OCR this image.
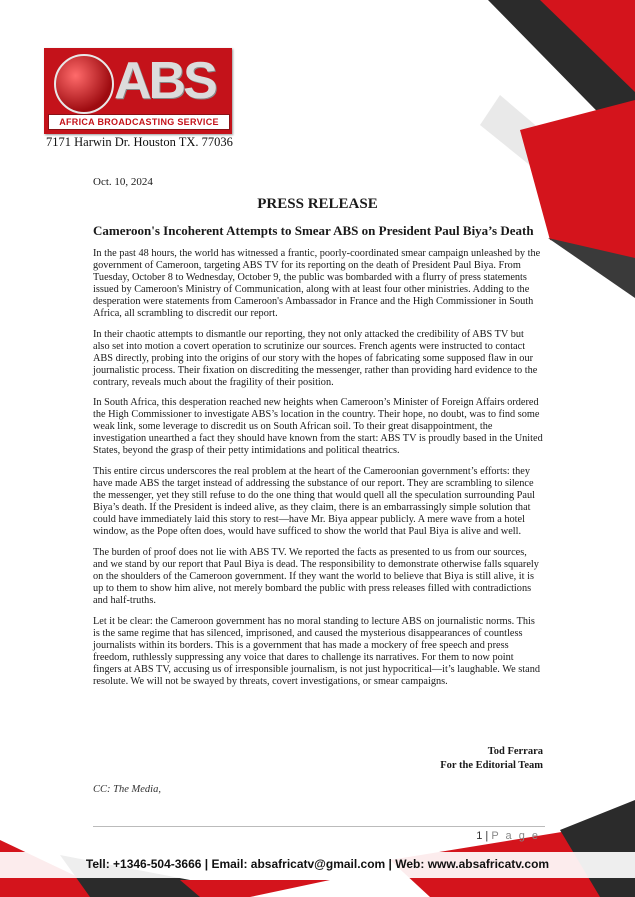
ABS
AFRICA BROADCASTING SERVICE
7171 Harwin Dr. Houston TX. 77036
Oct. 10, 2024
PRESS RELEASE
Cameroon's Incoherent Attempts to Smear ABS on President Paul Biya’s Death

In the past 48 hours, the world has witnessed a frantic, poorly-coordinated smear campaign unleashed by the government of Cameroon, targeting ABS TV for its reporting on the death of President Paul Biya. From Tuesday, October 8 to Wednesday, October 9, the public was bombarded with a flurry of press statements issued by Cameroon's Ministry of Communication, along with at least four other ministries. Adding to the desperation were statements from Cameroon's Ambassador in France and the High Commissioner in South Africa, all scrambling to discredit our report.

In their chaotic attempts to dismantle our reporting, they not only attacked the credibility of ABS TV but also set into motion a covert operation to scrutinize our sources. French agents were instructed to contact ABS directly, probing into the origins of our story with the hopes of fabricating some supposed flaw in our journalistic process. Their fixation on discrediting the messenger, rather than providing hard evidence to the contrary, reveals much about the fragility of their position.

In South Africa, this desperation reached new heights when Cameroon’s Minister of Foreign Affairs ordered the High Commissioner to investigate ABS’s location in the country. Their hope, no doubt, was to find some weak link, some leverage to discredit us on South African soil. To their great disappointment, the investigation unearthed a fact they should have known from the start: ABS TV is proudly based in the United States, beyond the grasp of their petty intimidations and political theatrics.

This entire circus underscores the real problem at the heart of the Cameroonian government’s efforts: they have made ABS the target instead of addressing the substance of our report. They are scrambling to silence the messenger, yet they still refuse to do the one thing that would quell all the speculation surrounding Paul Biya’s death. If the President is indeed alive, as they claim, there is an embarrassingly simple solution that could have immediately laid this story to rest—have Mr. Biya appear publicly. A mere wave from a hotel window, as the Pope often does, would have sufficed to show the world that Paul Biya is alive and well.

The burden of proof does not lie with ABS TV. We reported the facts as presented to us from our sources, and we stand by our report that Paul Biya is dead. The responsibility to demonstrate otherwise falls squarely on the shoulders of the Cameroon government. If they want the world to believe that Biya is still alive, it is up to them to show him alive, not merely bombard the public with press releases filled with contradictions and half-truths.

Let it be clear: the Cameroon government has no moral standing to lecture ABS on journalistic norms. This is the same regime that has silenced, imprisoned, and caused the mysterious disappearances of countless journalists within its borders. This is a government that has made a mockery of free speech and press freedom, ruthlessly suppressing any voice that dares to challenge its narratives. For them to now point fingers at ABS TV, accusing us of irresponsible journalism, is not just hypocritical—it’s laughable. We stand resolute. We will not be swayed by threats, covert investigations, or smear campaigns.

Tod Ferrara
For the Editorial Team
CC: The Media,
1 | P a g e
Tell: +1346-504-3666 | Email: absafricatv@gmail.com | Web: www.absafricatv.com
